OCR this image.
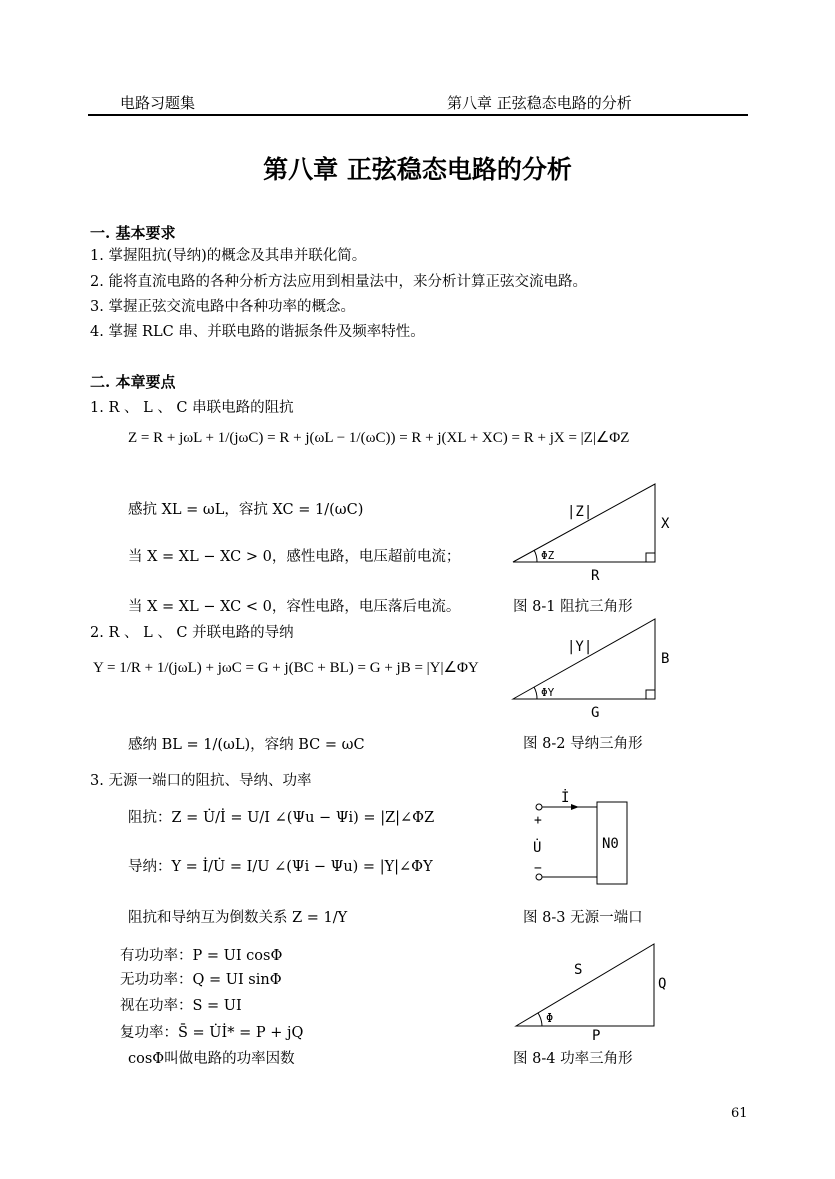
电路习题集	第八章 正弦稳态电路的分析
第八章 正弦稳态电路的分析
一. 基本要求
1. 掌握阻抗(导纳)的概念及其串并联化简。
2. 能将直流电路的各种分析方法应用到相量法中，来分析计算正弦交流电路。
3. 掌握正弦交流电路中各种功率的概念。
4. 掌握 RLC 串、并联电路的谐振条件及频率特性。
二. 本章要点
1. R 、 L 、 C 串联电路的阻抗
Z = R + jωL + 1/(jωC) = R + j(ωL − 1/(ωC)) = R + j(XL + XC) = R + jX = |Z|∠ΦZ
感抗 XL = ωL，容抗 XC = 1/(ωC)
当 X = XL − XC > 0，感性电路，电压超前电流；
当 X = XL − XC < 0，容性电路，电压落后电流。
|Z|
X
R
ΦZ
图 8-1 阻抗三角形
2. R 、 L 、 C 并联电路的导纳
Y = 1/R + 1/(jωL) + jωC = G + j(BC + BL) = G + jB = |Y|∠ΦY
|Y|
B
G
ΦY
感纳 BL = 1/(ωL)，容纳 BC = ωC	图 8-2 导纳三角形
3. 无源一端口的阻抗、导纳、功率
阻抗：Z = U̇/İ = U/I ∠(Ψu − Ψi) = |Z|∠ΦZ
导纳：Y = İ/U̇ = I/U ∠(Ψi − Ψu) = |Y|∠ΦY
阻抗和导纳互为倒数关系 Z = 1/Y
İ
+
U̇
−
N0
图 8-3 无源一端口
有功功率：P = UI cosΦ
无功功率：Q = UI sinΦ
视在功率：S = UI
复功率：S̄ = U̇İ* = P + jQ
cosΦ叫做电路的功率因数
S
Q
P
Φ
图 8-4 功率三角形
61
